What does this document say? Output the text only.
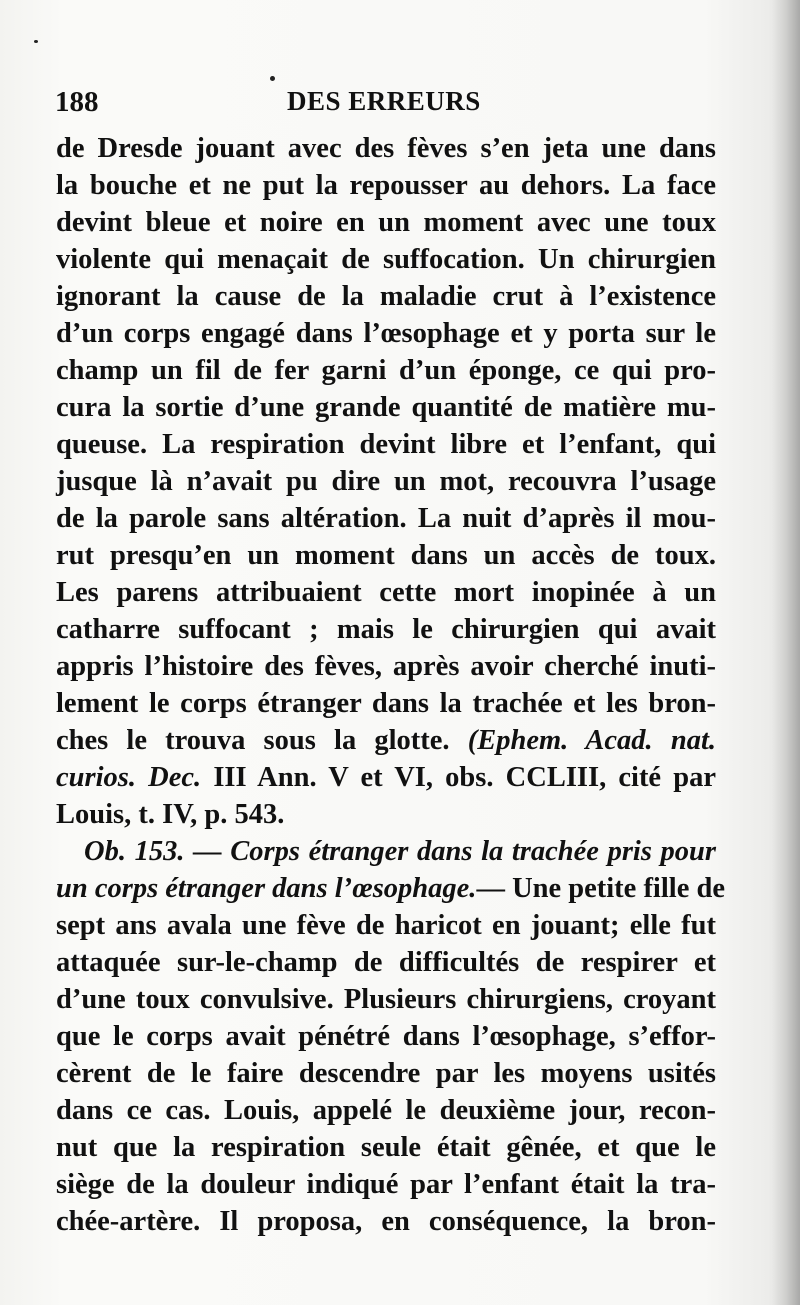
188	DES ERREURS
de Dresde jouant avec des fèves s’en jeta une dans
la bouche et ne put la repousser au dehors. La face
devint bleue et noire en un moment avec une toux
violente qui menaçait de suffocation. Un chirurgien
ignorant la cause de la maladie crut à l’existence
d’un corps engagé dans l’œsophage et y porta sur le
champ un fil de fer garni d’un éponge, ce qui pro-
cura la sortie d’une grande quantité de matière mu-
queuse. La respiration devint libre et l’enfant, qui
jusque là n’avait pu dire un mot, recouvra l’usage
de la parole sans altération. La nuit d’après il mou-
rut presqu’en un moment dans un accès de toux.
Les parens attribuaient cette mort inopinée à un
catharre suffocant ; mais le chirurgien qui avait
appris l’histoire des fèves, après avoir cherché inuti-
lement le corps étranger dans la trachée et les bron-
ches le trouva sous la glotte. (Ephem. Acad. nat.
curios. Dec. III Ann. V et VI, obs. CCLIII, cité par
Louis, t. IV, p. 543.
Ob. 153. — Corps étranger dans la trachée pris pour
un corps étranger dans l’œsophage.— Une petite fille de
sept ans avala une fève de haricot en jouant; elle fut
attaquée sur-le-champ de difficultés de respirer et
d’une toux convulsive. Plusieurs chirurgiens, croyant
que le corps avait pénétré dans l’œsophage, s’effor-
cèrent de le faire descendre par les moyens usités
dans ce cas. Louis, appelé le deuxième jour, recon-
nut que la respiration seule était gênée, et que le
siège de la douleur indiqué par l’enfant était la tra-
chée-artère. Il proposa, en conséquence, la bron-
